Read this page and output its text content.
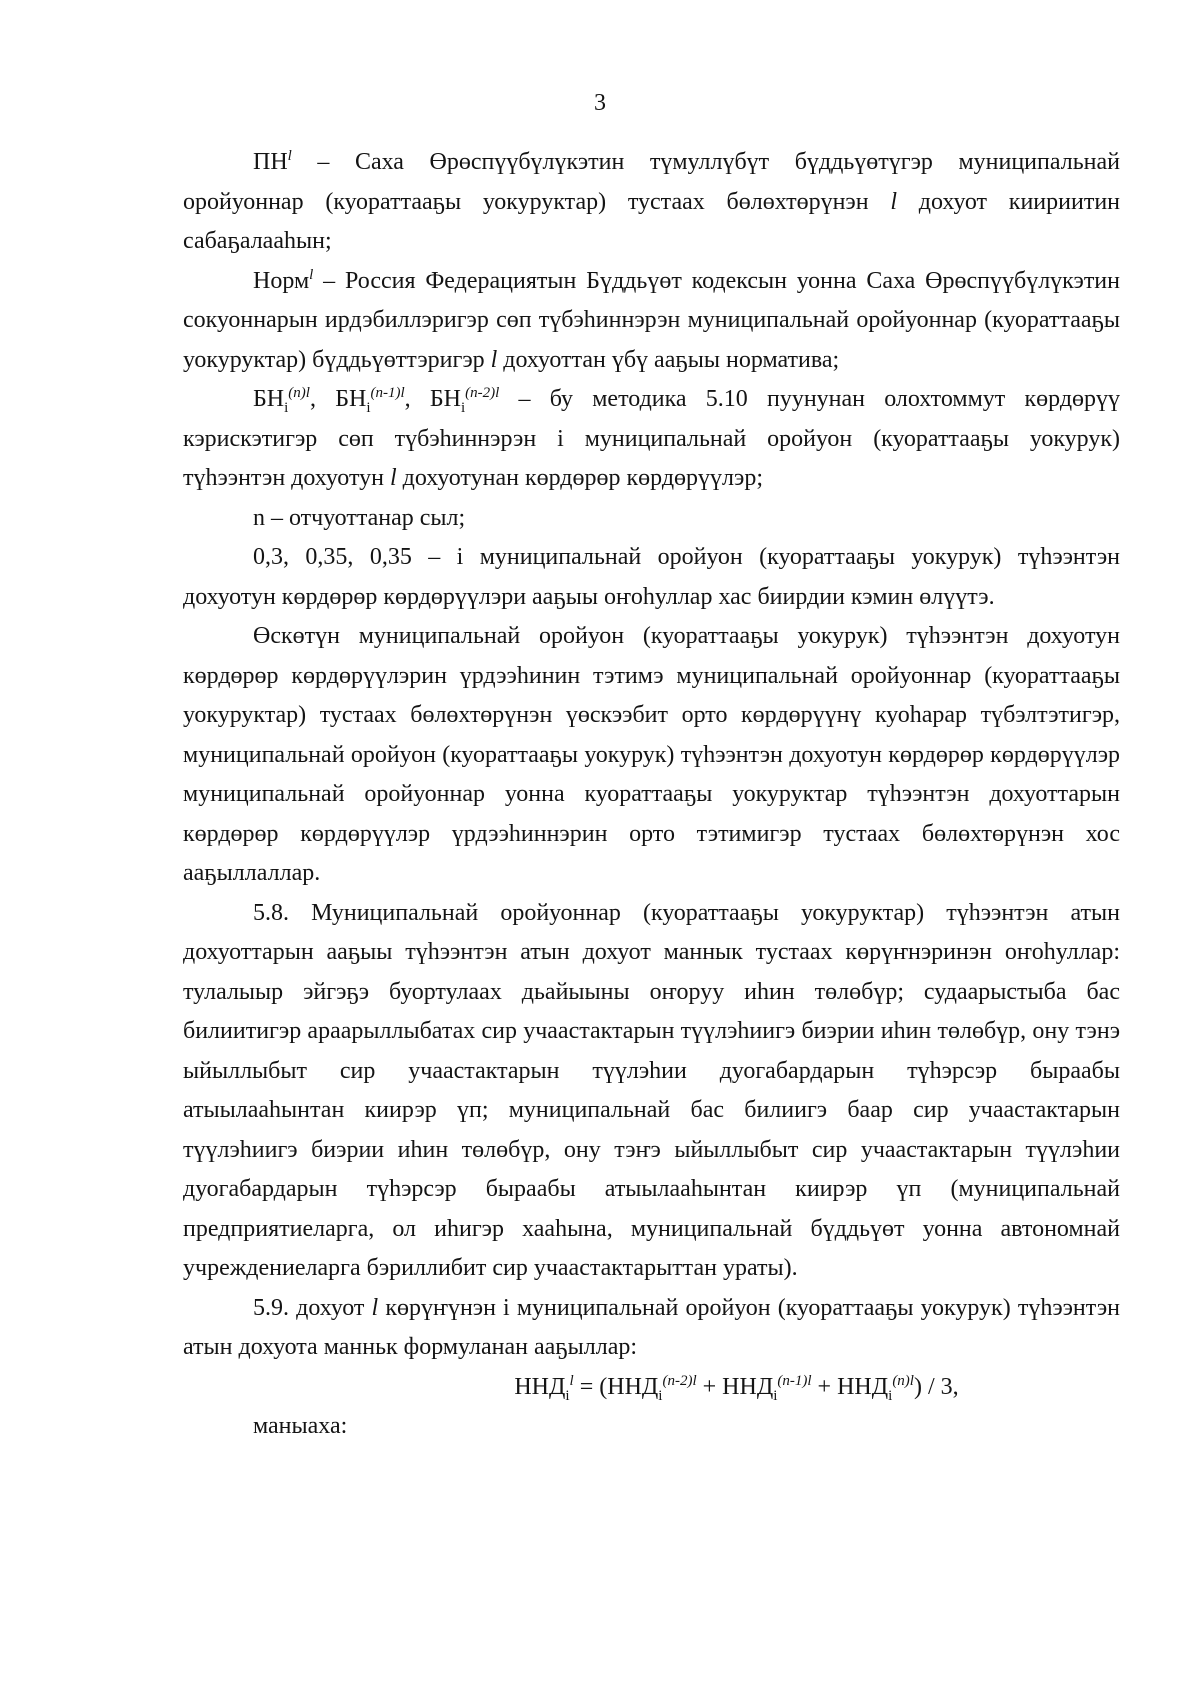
3

$ПН^l$ – Саха Өрөспүүбүлүкэтин түмуллүбүт бүддьүөтүгэр муниципальнай оройуоннар (куораттааҕы уокуруктар) тустаах бөлөхтөрүнэн l дохуот киириитин сабаҕалааһын;

Норм$^l$ – Россия Федерациятын Бүддьүөт кодексын уонна Саха Өрөспүүбүлүкэтин сокуоннарын ирдэбиллэригэр сөп түбэһиннэрэн муниципальнай оройуоннар (куораттааҕы уокуруктар) бүддьүөттэригэр l дохуоттан үбү ааҕыы норматива;

$БН_i^{(n)l}$, $БН_i^{(n-1)l}$, $БН_i^{(n-2)l}$ – бу методика 5.10 пуунунан олохтоммут көрдөрүү кэрискэтигэр сөп түбэһиннэрэн i муниципальнай оройуон (куораттааҕы уокурук) түһээнтэн дохуотун l дохуотунан көрдөрөр көрдөрүүлэр;

n – отчуоттанар сыл;

0,3, 0,35, 0,35 – i муниципальнай оройуон (куораттааҕы уокурук) түһээнтэн дохуотун көрдөрөр көрдөрүүлэри ааҕыы оҥоһуллар хас биирдии кэмин өлүүтэ.

Өскөтүн муниципальнай оройуон (куораттааҕы уокурук) түһээнтэн дохуотун көрдөрөр көрдөрүүлэрин үрдээһинин тэтимэ муниципальнай оройуоннар (куораттааҕы уокуруктар) тустаах бөлөхтөрүнэн үөскээбит орто көрдөрүүнү куоһарар түбэлтэтигэр, муниципальнай оройуон (куораттааҕы уокурук) түһээнтэн дохуотун көрдөрөр көрдөрүүлэр муниципальнай оройуоннар уонна куораттааҕы уокуруктар түһээнтэн дохуоттарын көрдөрөр көрдөрүүлэр үрдээһиннэрин орто тэтимигэр тустаах бөлөхтөрүнэн хос ааҕыллаллар.

5.8. Муниципальнай оройуоннар (куораттааҕы уокуруктар) түһээнтэн атын дохуоттарын ааҕыы түһээнтэн атын дохуот маннык тустаах көрүҥнэринэн оҥоһуллар: тулалыыр эйгэҕэ буортулаах дьайыыны оҥоруу иһин төлөбүр; судаарыстыба бас билиитигэр араарыллыбатах сир учаастактарын түүлэһиигэ биэрии иһин төлөбүр, ону тэнэ ыйыллыбыт сир учаастактарын түүлэһии дуогабардарын түһэрсэр быраабы атыылааһынтан киирэр үп; муниципальнай бас билиигэ баар сир учаастактарын түүлэһиигэ биэрии иһин төлөбүр, ону тэҥэ ыйыллыбыт сир учаастактарын түүлэһии дуогабардарын түһэрсэр быраабы атыылааһынтан киирэр үп (муниципальнай предприятиеларга, ол иһигэр хааһына, муниципальнай бүддьүөт уонна автономнай учреждениеларга бэриллибит сир учаастактарыттан ураты).

5.9. дохуот l көрүҥүнэн i муниципальнай оройуон (куораттааҕы уокурук) түһээнтэн атын дохуота манньк формуланан ааҕыллар:

$ННД_i^l = (ННД_i^{(n-2)l} + ННД_i^{(n-1)l} + ННД_i^{(n)l}) / 3$,

маныаха:
